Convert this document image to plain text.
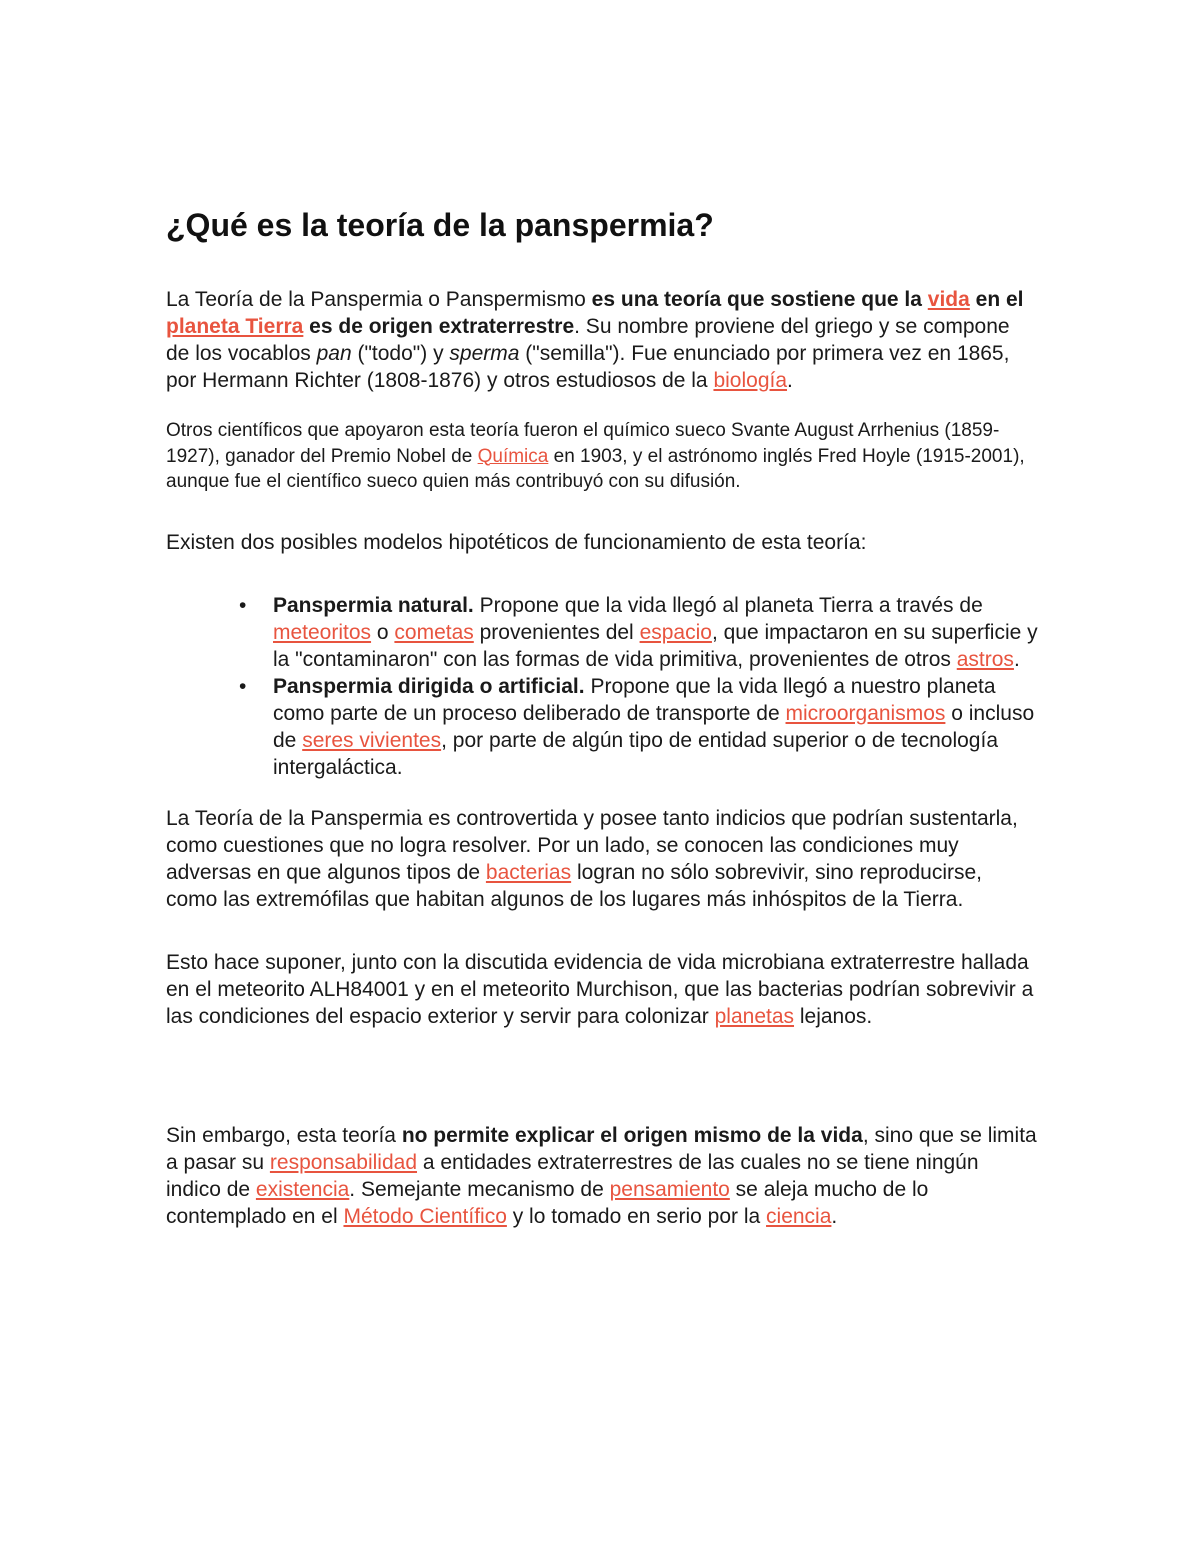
¿Qué es la teoría de la panspermia?

La Teoría de la Panspermia o Panspermismo es una teoría que sostiene que la vida en el planeta Tierra es de origen extraterrestre. Su nombre proviene del griego y se compone de los vocablos pan ("todo") y sperma ("semilla"). Fue enunciado por primera vez en 1865, por Hermann Richter (1808-1876) y otros estudiosos de la biología.

Otros científicos que apoyaron esta teoría fueron el químico sueco Svante August Arrhenius (1859-1927), ganador del Premio Nobel de Química en 1903, y el astrónomo inglés Fred Hoyle (1915-2001), aunque fue el científico sueco quien más contribuyó con su difusión.

Existen dos posibles modelos hipotéticos de funcionamiento de esta teoría:

• Panspermia natural. Propone que la vida llegó al planeta Tierra a través de meteoritos o cometas provenientes del espacio, que impactaron en su superficie y la "contaminaron" con las formas de vida primitiva, provenientes de otros astros.
• Panspermia dirigida o artificial. Propone que la vida llegó a nuestro planeta como parte de un proceso deliberado de transporte de microorganismos o incluso de seres vivientes, por parte de algún tipo de entidad superior o de tecnología intergaláctica.

La Teoría de la Panspermia es controvertida y posee tanto indicios que podrían sustentarla, como cuestiones que no logra resolver. Por un lado, se conocen las condiciones muy adversas en que algunos tipos de bacterias logran no sólo sobrevivir, sino reproducirse, como las extremófilas que habitan algunos de los lugares más inhóspitos de la Tierra.

Esto hace suponer, junto con la discutida evidencia de vida microbiana extraterrestre hallada en el meteorito ALH84001 y en el meteorito Murchison, que las bacterias podrían sobrevivir a las condiciones del espacio exterior y servir para colonizar planetas lejanos.

Sin embargo, esta teoría no permite explicar el origen mismo de la vida, sino que se limita a pasar su responsabilidad a entidades extraterrestres de las cuales no se tiene ningún indico de existencia. Semejante mecanismo de pensamiento se aleja mucho de lo contemplado en el Método Científico y lo tomado en serio por la ciencia.
